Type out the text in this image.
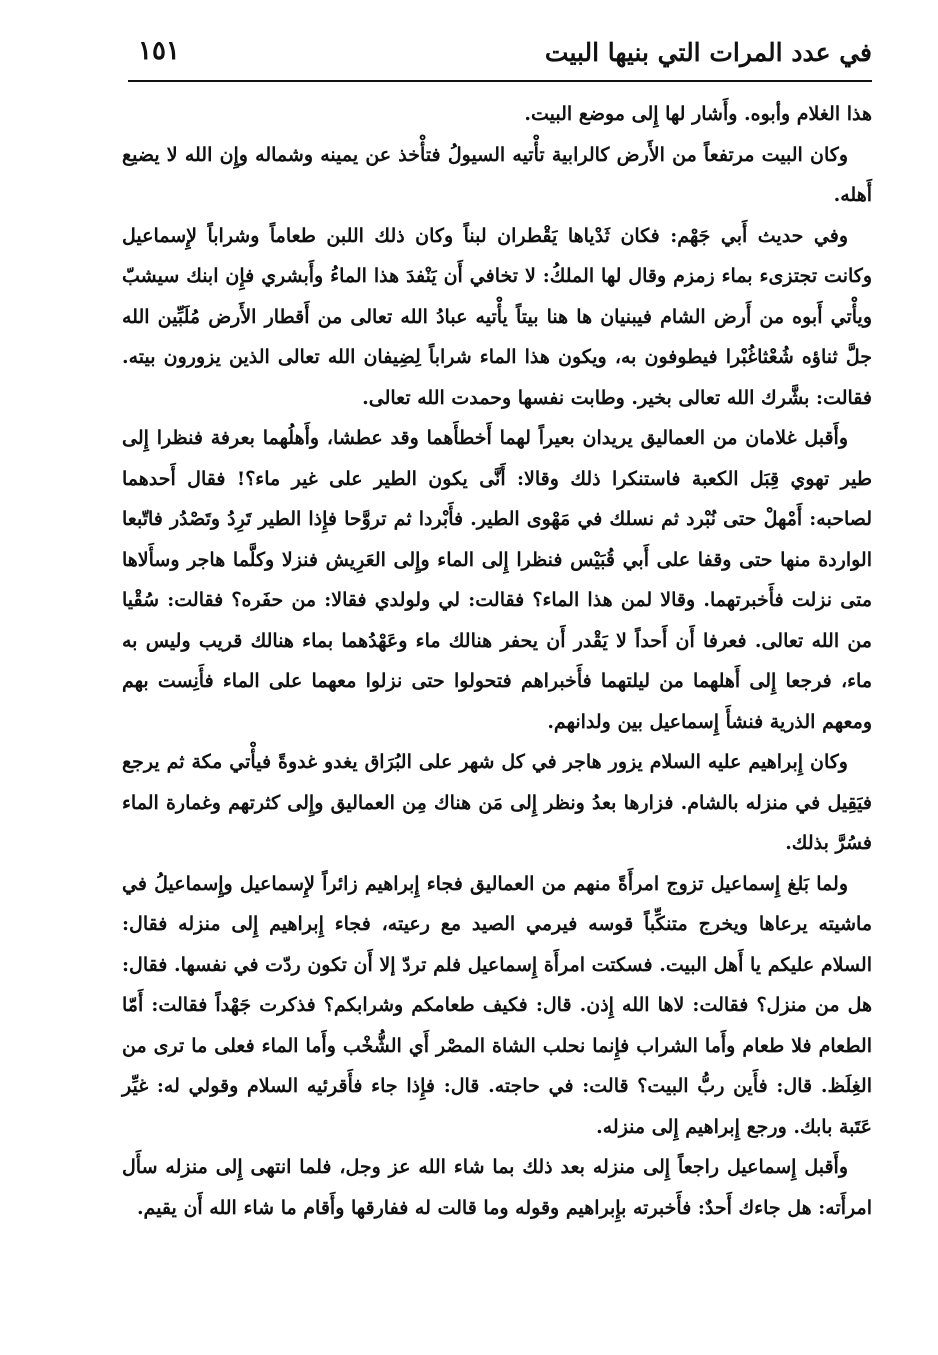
في عدد المرات التي بنيها البيت
١٥١

هذا الغلام وأبوه. وأَشار لها إِلى موضع البيت.

وكان البيت مرتفعاً من الأَرض كالرابية تأْتيه السيولُ فتأْخذ عن يمينه وشماله وإِن الله لا يضيع أَهله.

وفي حديث أَبي جَهْم: فكان ثَدْياها يَقْطران لبناً وكان ذلك اللبن طعاماً وشراباً لإِسماعيل وكانت تجتزىء بماء زمزم وقال لها الملكُ: لا تخافي أَن يَنْفدَ هذا الماءُ وأَبشري فإِن ابنك سيشبّ ويأْتي أَبوه من أَرض الشام فيبنيان ها هنا بيتاً يأْتيه عبادُ الله تعالى من أَقطار الأَرض مُلَبِّين الله جلَّ ثناؤه شُعْثاغُبْرا فيطوفون به، ويكون هذا الماء شراباً لِضِيفان الله تعالى الذين يزورون بيته. فقالت: بشَّرك الله تعالى بخير. وطابت نفسها وحمدت الله تعالى.

وأَقبل غلامان من العماليق يريدان بعيراً لهما أَخطأَهما وقد عطشا، وأَهلُهما بعرفة فنظرا إِلى طير تهوي قِبَل الكعبة فاستنكرا ذلك وقالا: أَنَّى يكون الطير على غير ماء؟! فقال أَحدهما لصاحبه: أَمْهلْ حتى نُبْرد ثم نسلك في مَهْوى الطير. فأَبْردا ثم تروَّحا فإِذا الطير تَرِدُ وتَصْدُر فاتّبعا الواردة منها حتى وقفا على أَبي قُبَيْس فنظرا إِلى الماء وإِلى العَرِيش فنزلا وكلَّما هاجر وسأَلاها متى نزلت فأَخبرتهما. وقالا لمن هذا الماء؟ فقالت: لي ولولدي فقالا: من حفَره؟ فقالت: سُقْيا من الله تعالى. فعرفا أَن أَحداً لا يَقْدر أَن يحفر هنالك ماء وعَهْدُهما بماء هنالك قريب وليس به ماء، فرجعا إِلى أَهلهما من ليلتهما فأَخبراهم فتحولوا حتى نزلوا معهما على الماء فأَنِست بهم ومعهم الذرية فنشأَ إِسماعيل بين ولدانهم.

وكان إِبراهيم عليه السلام يزور هاجر في كل شهر على البُرَاق يغدو غدوةً فيأْتي مكة ثم يرجع فيَقِيل في منزله بالشام. فزارها بعدُ ونظر إِلى مَن هناك مِن العماليق وإِلى كثرتهم وغمارة الماء فسُرَّ بذلك.

ولما بَلغ إِسماعيل تزوج امرأَةً منهم من العماليق فجاء إِبراهيم زائراً لإِسماعيل وإِسماعيلُ في ماشيته يرعاها ويخرج متنكِّباً قوسه فيرمي الصيد مع رعيته، فجاء إِبراهيم إِلى منزله فقال: السلام عليكم يا أَهل البيت. فسكتت امرأَة إِسماعيل فلم تردّ إلا أَن تكون ردّت في نفسها. فقال: هل من منزل؟ فقالت: لاها الله إِذن. قال: فكيف طعامكم وشرابكم؟ فذكرت جَهْداً فقالت: أَمّا الطعام فلا طعام وأَما الشراب فإِنما نحلب الشاة المصْر أَي الشُّخْب وأَما الماء فعلى ما ترى من الغِلَظ. قال: فأَين ربُّ البيت؟ قالت: في حاجته. قال: فإِذا جاء فأَقرئيه السلام وقولي له: غيِّر عَتَبة بابك. ورجع إِبراهيم إِلى منزله.

وأَقبل إِسماعيل راجعاً إِلى منزله بعد ذلك بما شاء الله عز وجل، فلما انتهى إِلى منزله سأَل امرأَته: هل جاءك أَحدٌ: فأَخبرته بإِبراهيم وقوله وما قالت له ففارقها وأَقام ما شاء الله أَن يقيم.
